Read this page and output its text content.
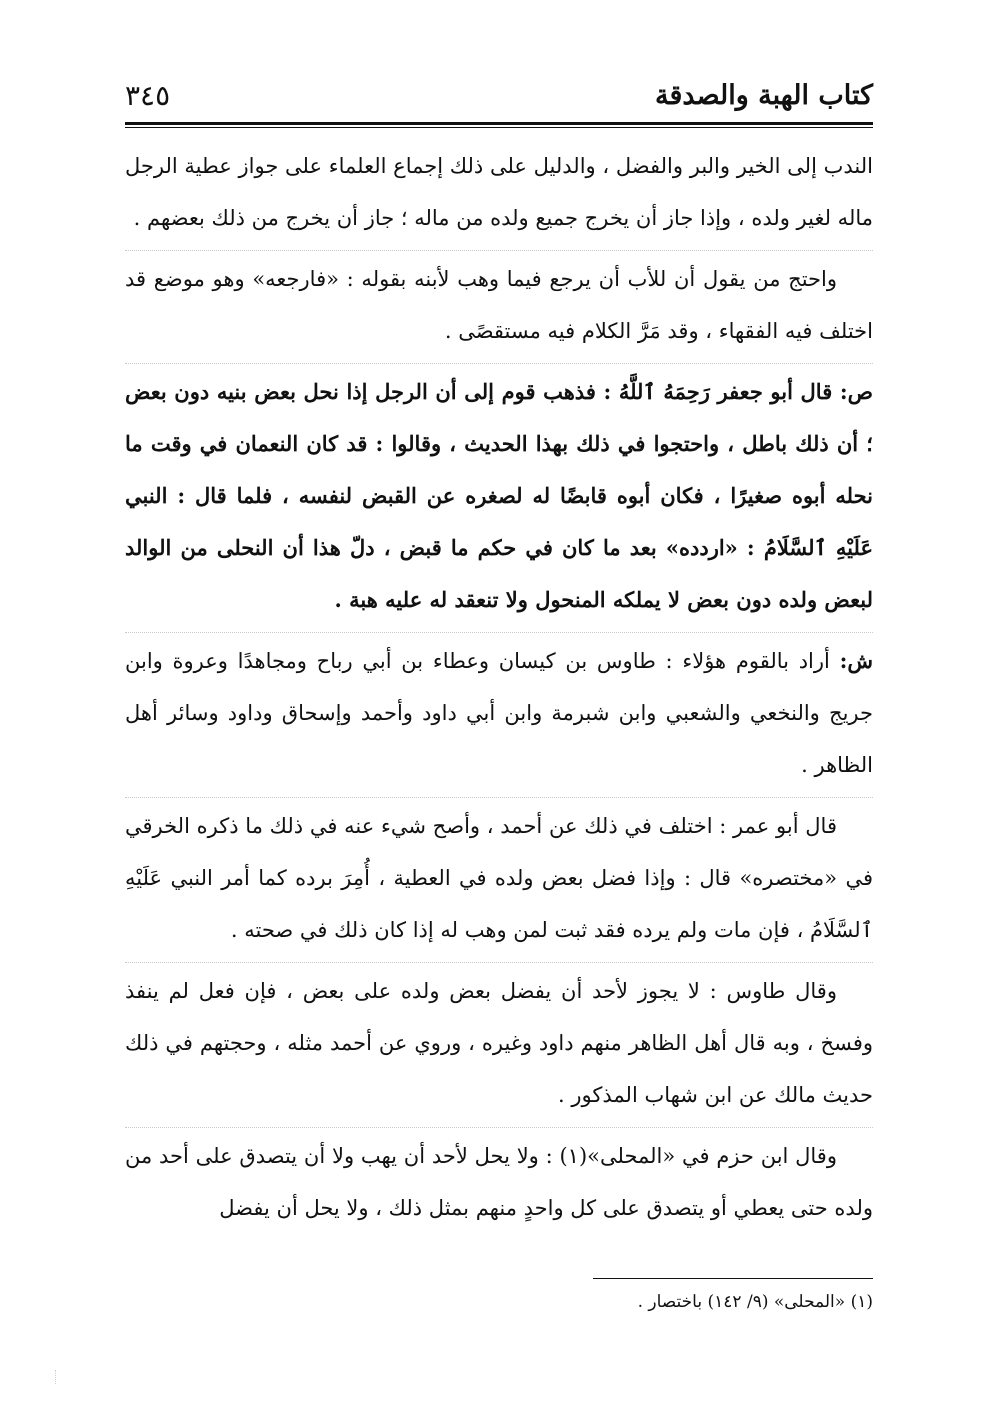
كتاب الهبة والصدقة
٣٤٥

الندب إلى الخير والبر والفضل ، والدليل على ذلك إجماع العلماء على جواز عطية الرجل ماله لغير ولده ، وإذا جاز أن يخرج جميع ولده من ماله ؛ جاز أن يخرج من ذلك بعضهم .

واحتج من يقول أن للأب أن يرجع فيما وهب لأبنه بقوله : «فارجعه» وهو موضع قد اختلف فيه الفقهاء ، وقد مَرَّ الكلام فيه مستقصًى .

ص: قال أبو جعفر رَحِمَهُ ٱللَّهُ : فذهب قوم إلى أن الرجل إذا نحل بعض بنيه دون بعض ؛ أن ذلك باطل ، واحتجوا في ذلك بهذا الحديث ، وقالوا : قد كان النعمان في وقت ما نحله أبوه صغيرًا ، فكان أبوه قابضًا له لصغره عن القبض لنفسه ، فلما قال : النبي عَلَيْهِ ٱلسَّلَامُ : «اردده» بعد ما كان في حكم ما قبض ، دلّ هذا أن النحلى من الوالد لبعض ولده دون بعض لا يملكه المنحول ولا تنعقد له عليه هبة .

ش: أراد بالقوم هؤلاء : طاوس بن كيسان وعطاء بن أبي رباح ومجاهدًا وعروة وابن جريج والنخعي والشعبي وابن شبرمة وابن أبي داود وأحمد وإسحاق وداود وسائر أهل الظاهر .

قال أبو عمر : اختلف في ذلك عن أحمد ، وأصح شيء عنه في ذلك ما ذكره الخرقي في «مختصره» قال : وإذا فضل بعض ولده في العطية ، أُمِرَ برده كما أمر النبي عَلَيْهِ ٱلسَّلَامُ ، فإن مات ولم يرده فقد ثبت لمن وهب له إذا كان ذلك في صحته .

وقال طاوس : لا يجوز لأحد أن يفضل بعض ولده على بعض ، فإن فعل لم ينفذ وفسخ ، وبه قال أهل الظاهر منهم داود وغيره ، وروي عن أحمد مثله ، وحجتهم في ذلك حديث مالك عن ابن شهاب المذكور .

وقال ابن حزم في «المحلى»(١) : ولا يحل لأحد أن يهب ولا أن يتصدق على أحد من ولده حتى يعطي أو يتصدق على كل واحدٍ منهم بمثل ذلك ، ولا يحل أن يفضل

(١) «المحلى» (٩/ ١٤٢) باختصار .
